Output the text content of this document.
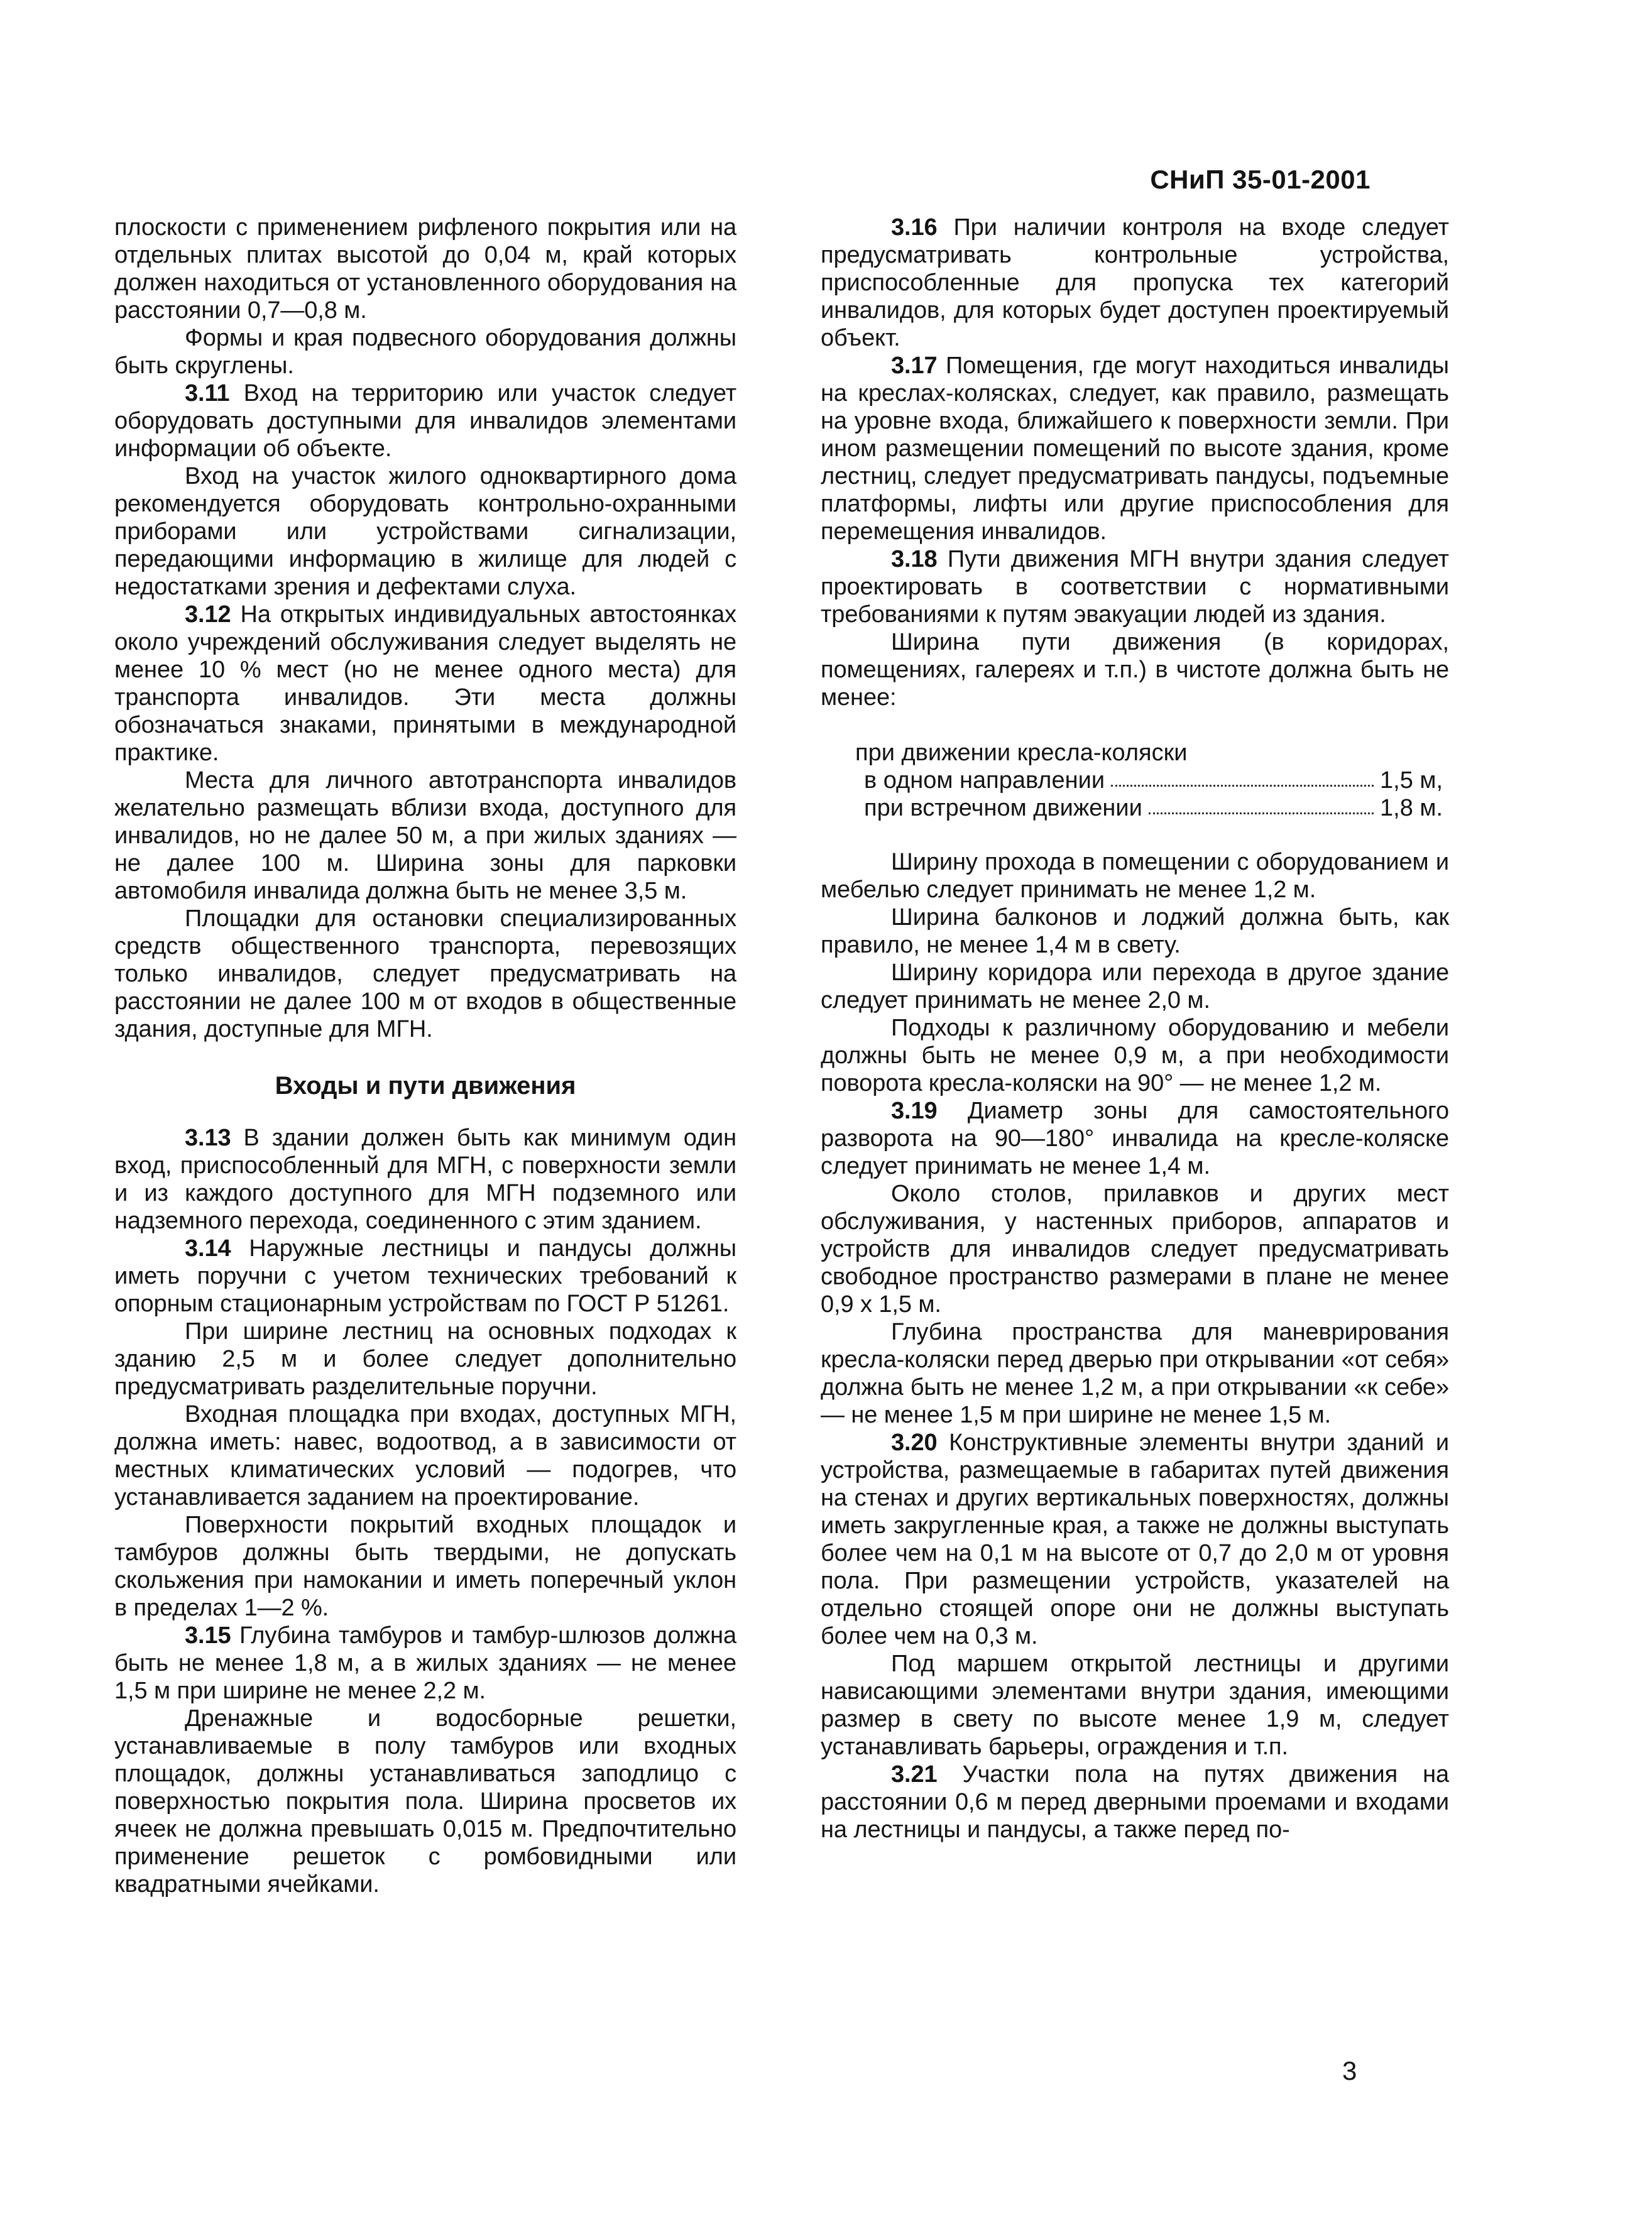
СНиП 35-01-2001

плоскости с применением рифленого покрытия или на отдельных плитах высотой до 0,04 м, край которых должен находиться от установленного оборудования на расстоянии 0,7—0,8 м.

Формы и края подвесного оборудования должны быть скруглены.

3.11 Вход на территорию или участок следует оборудовать доступными для инвалидов элементами информации об объекте.

Вход на участок жилого одноквартирного дома рекомендуется оборудовать контрольно-охранными приборами или устройствами сигнализации, передающими информацию в жилище для людей с недостатками зрения и дефектами слуха.

3.12 На открытых индивидуальных автостоянках около учреждений обслуживания следует выделять не менее 10 % мест (но не менее одного места) для транспорта инвалидов. Эти места должны обозначаться знаками, принятыми в международной практике.

Места для личного автотранспорта инвалидов желательно размещать вблизи входа, доступного для инвалидов, но не далее 50 м, а при жилых зданиях — не далее 100 м. Ширина зоны для парковки автомобиля инвалида должна быть не менее 3,5 м.

Площадки для остановки специализированных средств общественного транспорта, перевозящих только инвалидов, следует предусматривать на расстоянии не далее 100 м от входов в общественные здания, доступные для МГН.

Входы и пути движения

3.13 В здании должен быть как минимум один вход, приспособленный для МГН, с поверхности земли и из каждого доступного для МГН подземного или надземного перехода, соединенного с этим зданием.

3.14 Наружные лестницы и пандусы должны иметь поручни с учетом технических требований к опорным стационарным устройствам по ГОСТ Р 51261.

При ширине лестниц на основных подходах к зданию 2,5 м и более следует дополнительно предусматривать разделительные поручни.

Входная площадка при входах, доступных МГН, должна иметь: навес, водоотвод, а в зависимости от местных климатических условий — подогрев, что устанавливается заданием на проектирование.

Поверхности покрытий входных площадок и тамбуров должны быть твердыми, не допускать скольжения при намокании и иметь поперечный уклон в пределах 1—2 %.

3.15 Глубина тамбуров и тамбур-шлюзов должна быть не менее 1,8 м, а в жилых зданиях — не менее 1,5 м при ширине не менее 2,2 м.

Дренажные и водосборные решетки, устанавливаемые в полу тамбуров или входных площадок, должны устанавливаться заподлицо с поверхностью покрытия пола. Ширина просветов их ячеек не должна превышать 0,015 м. Предпочтительно применение решеток с ромбовидными или квадратными ячейками.

3.16 При наличии контроля на входе следует предусматривать контрольные устройства, приспособленные для пропуска тех категорий инвалидов, для которых будет доступен проектируемый объект.

3.17 Помещения, где могут находиться инвалиды на креслах-колясках, следует, как правило, размещать на уровне входа, ближайшего к поверхности земли. При ином размещении помещений по высоте здания, кроме лестниц, следует предусматривать пандусы, подъемные платформы, лифты или другие приспособления для перемещения инвалидов.

3.18 Пути движения МГН внутри здания следует проектировать в соответствии с нормативными требованиями к путям эвакуации людей из здания.

Ширина пути движения (в коридорах, помещениях, галереях и т.п.) в чистоте должна быть не менее:

при движении кресла-коляски
в одном направлении	1,5 м,
при встречном движении	1,8 м.

Ширину прохода в помещении с оборудованием и мебелью следует принимать не менее 1,2 м.

Ширина балконов и лоджий должна быть, как правило, не менее 1,4 м в свету.

Ширину коридора или перехода в другое здание следует принимать не менее 2,0 м.

Подходы к различному оборудованию и мебели должны быть не менее 0,9 м, а при необходимости поворота кресла-коляски на 90° — не менее 1,2 м.

3.19 Диаметр зоны для самостоятельного разворота на 90—180° инвалида на кресле-коляске следует принимать не менее 1,4 м.

Около столов, прилавков и других мест обслуживания, у настенных приборов, аппаратов и устройств для инвалидов следует предусматривать свободное пространство размерами в плане не менее 0,9 х 1,5 м.

Глубина пространства для маневрирования кресла-коляски перед дверью при открывании «от себя» должна быть не менее 1,2 м, а при открывании «к себе» — не менее 1,5 м при ширине не менее 1,5 м.

3.20 Конструктивные элементы внутри зданий и устройства, размещаемые в габаритах путей движения на стенах и других вертикальных поверхностях, должны иметь закругленные края, а также не должны выступать более чем на 0,1 м на высоте от 0,7 до 2,0 м от уровня пола. При размещении устройств, указателей на отдельно стоящей опоре они не должны выступать более чем на 0,3 м.

Под маршем открытой лестницы и другими нависающими элементами внутри здания, имеющими размер в свету по высоте менее 1,9 м, следует устанавливать барьеры, ограждения и т.п.

3.21 Участки пола на путях движения на расстоянии 0,6 м перед дверными проемами и входами на лестницы и пандусы, а также перед по-

3
